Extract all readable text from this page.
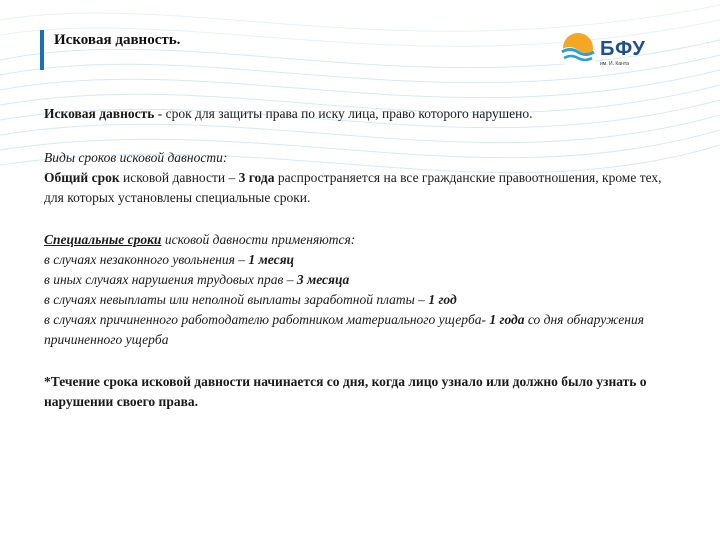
Исковая давность.	БФУ
им. И. Канта

Исковая давность - срок для защиты права по иску лица, право которого нарушено.

Виды сроков исковой давности:

Общий срок исковой давности – 3 года распространяется на все гражданские правоотношения, кроме тех, для которых установлены специальные сроки.

Специальные сроки исковой давности применяются:

в случаях незаконного увольнения – 1 месяц

в иных случаях нарушения трудовых прав – 3 месяца

в случаях невыплаты или неполной выплаты заработной платы – 1 год

в случаях причиненного работодателю работником материального ущерба- 1 года со дня обнаружения причиненного ущерба

*Течение срока исковой давности начинается со дня, когда лицо узнало или должно было узнать о нарушении своего права.
